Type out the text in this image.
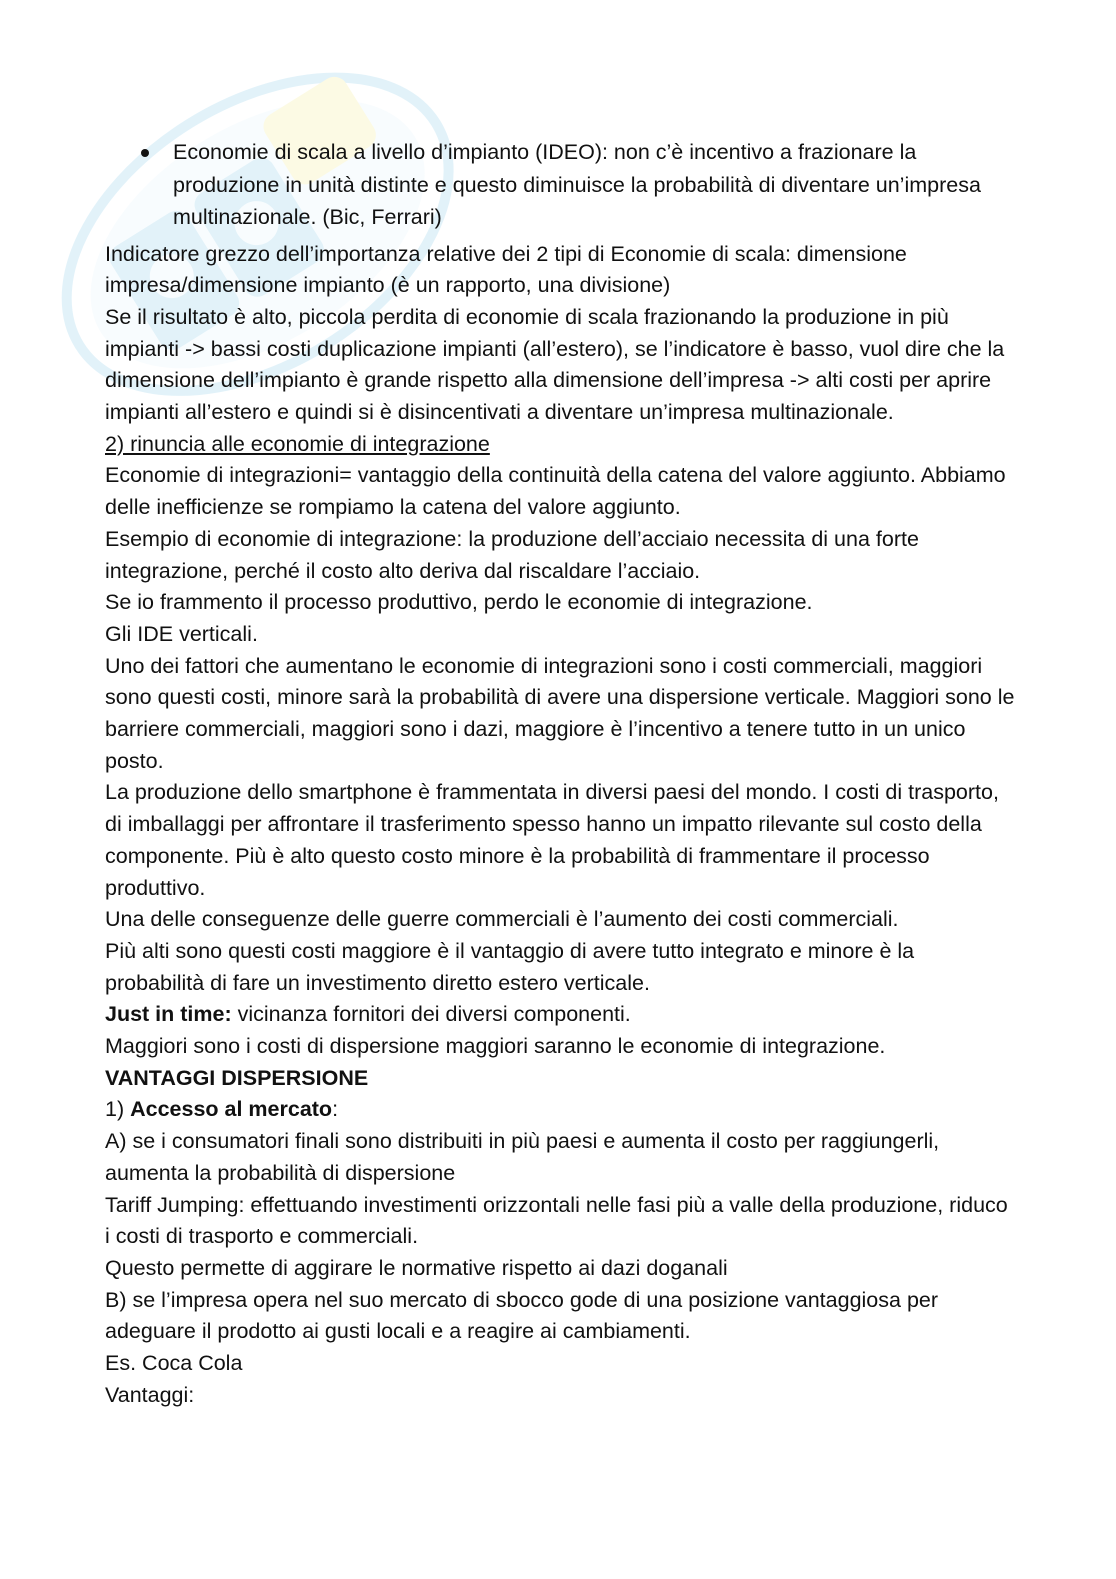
Economie di scala a livello d’impianto (IDEO): non c’è incentivo a frazionare la produzione in unità distinte e questo diminuisce la probabilità di diventare un’impresa multinazionale. (Bic, Ferrari)

Indicatore grezzo dell’importanza relative dei 2 tipi di Economie di scala: dimensione impresa/dimensione impianto (è un rapporto, una divisione)

Se il risultato è alto, piccola perdita di economie di scala frazionando la produzione in più impianti -> bassi costi duplicazione impianti (all’estero), se l’indicatore è basso, vuol dire che la dimensione dell’impianto è grande rispetto alla dimensione dell’impresa -> alti costi per aprire impianti all’estero e quindi si è disincentivati a diventare un’impresa multinazionale.

2) rinuncia alle economie di integrazione

Economie di integrazioni= vantaggio della continuità della catena del valore aggiunto. Abbiamo delle inefficienze se rompiamo la catena del valore aggiunto.

Esempio di economie di integrazione: la produzione dell’acciaio necessita di una forte integrazione, perché il costo alto deriva dal riscaldare l’acciaio.

Se io frammento il processo produttivo, perdo le economie di integrazione.

Gli IDE verticali.

Uno dei fattori che aumentano le economie di integrazioni sono i costi commerciali, maggiori sono questi costi, minore sarà la probabilità di avere una dispersione verticale. Maggiori sono le barriere commerciali, maggiori sono i dazi, maggiore è l’incentivo a tenere tutto in un unico posto.

La produzione dello smartphone è frammentata in diversi paesi del mondo. I costi di trasporto, di imballaggi per affrontare il trasferimento spesso hanno un impatto rilevante sul costo della componente. Più è alto questo costo minore è la probabilità di frammentare il processo produttivo.

Una delle conseguenze delle guerre commerciali è l’aumento dei costi commerciali.

Più alti sono questi costi maggiore è il vantaggio di avere tutto integrato e minore è la probabilità di fare un investimento diretto estero verticale.

Just in time: vicinanza fornitori dei diversi componenti.

Maggiori sono i costi di dispersione maggiori saranno le economie di integrazione.

VANTAGGI DISPERSIONE

1) Accesso al mercato:

A) se i consumatori finali sono distribuiti in più paesi e aumenta il costo per raggiungerli, aumenta la probabilità di dispersione

Tariff Jumping: effettuando investimenti orizzontali nelle fasi più a valle della produzione, riduco i costi di trasporto e commerciali.

Questo permette di aggirare le normative rispetto ai dazi doganali

B) se l’impresa opera nel suo mercato di sbocco gode di una posizione vantaggiosa per adeguare il prodotto ai gusti locali e a reagire ai cambiamenti.

Es. Coca Cola

Vantaggi:
